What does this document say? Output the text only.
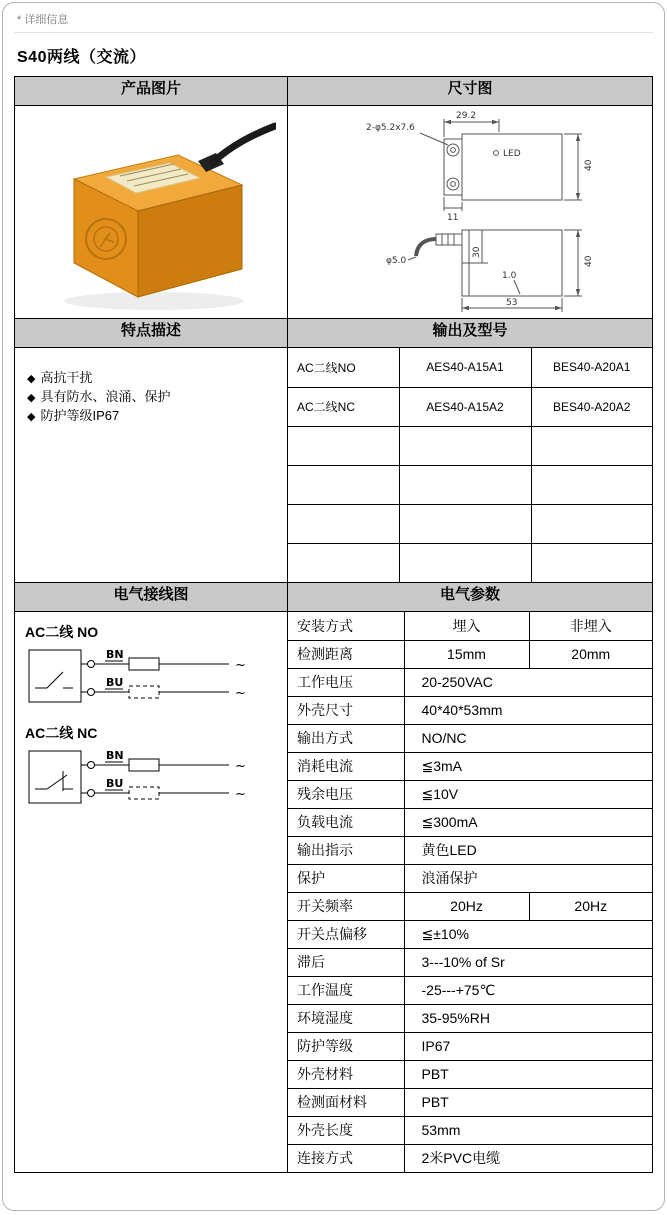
* 详细信息
S40两线（交流）
产品图片	尺寸图

29.2
2-φ5.2x7.6
LED
40
11
φ5.0
30
1.0
53
40

特点描述	输出及型号

◆ 高抗干扰
◆ 具有防水、浪涌、保护
◆ 防护等级IP67

AC二线NO	AES40-A15A1	BES40-A20A1
AC二线NC	AES40-A15A2	BES40-A20A2

电气接线图	电气参数

AC二线 NO
BN
BU
~
~
AC二线 NC
BN
BU
~
~

安装方式	埋入	非埋入
检测距离	15mm	20mm
工作电压	20-250VAC
外壳尺寸	40*40*53mm
输出方式	NO/NC
消耗电流	≦3mA
残余电压	≦10V
负载电流	≦300mA
输出指示	黄色LED
保护	浪涌保护
开关频率	20Hz	20Hz
开关点偏移	≦±10%
滞后	3---10% of Sr
工作温度	-25---+75℃
环境湿度	35-95%RH
防护等级	IP67
外壳材料	PBT
检测面材料	PBT
外壳长度	53mm
连接方式	2米PVC电缆
